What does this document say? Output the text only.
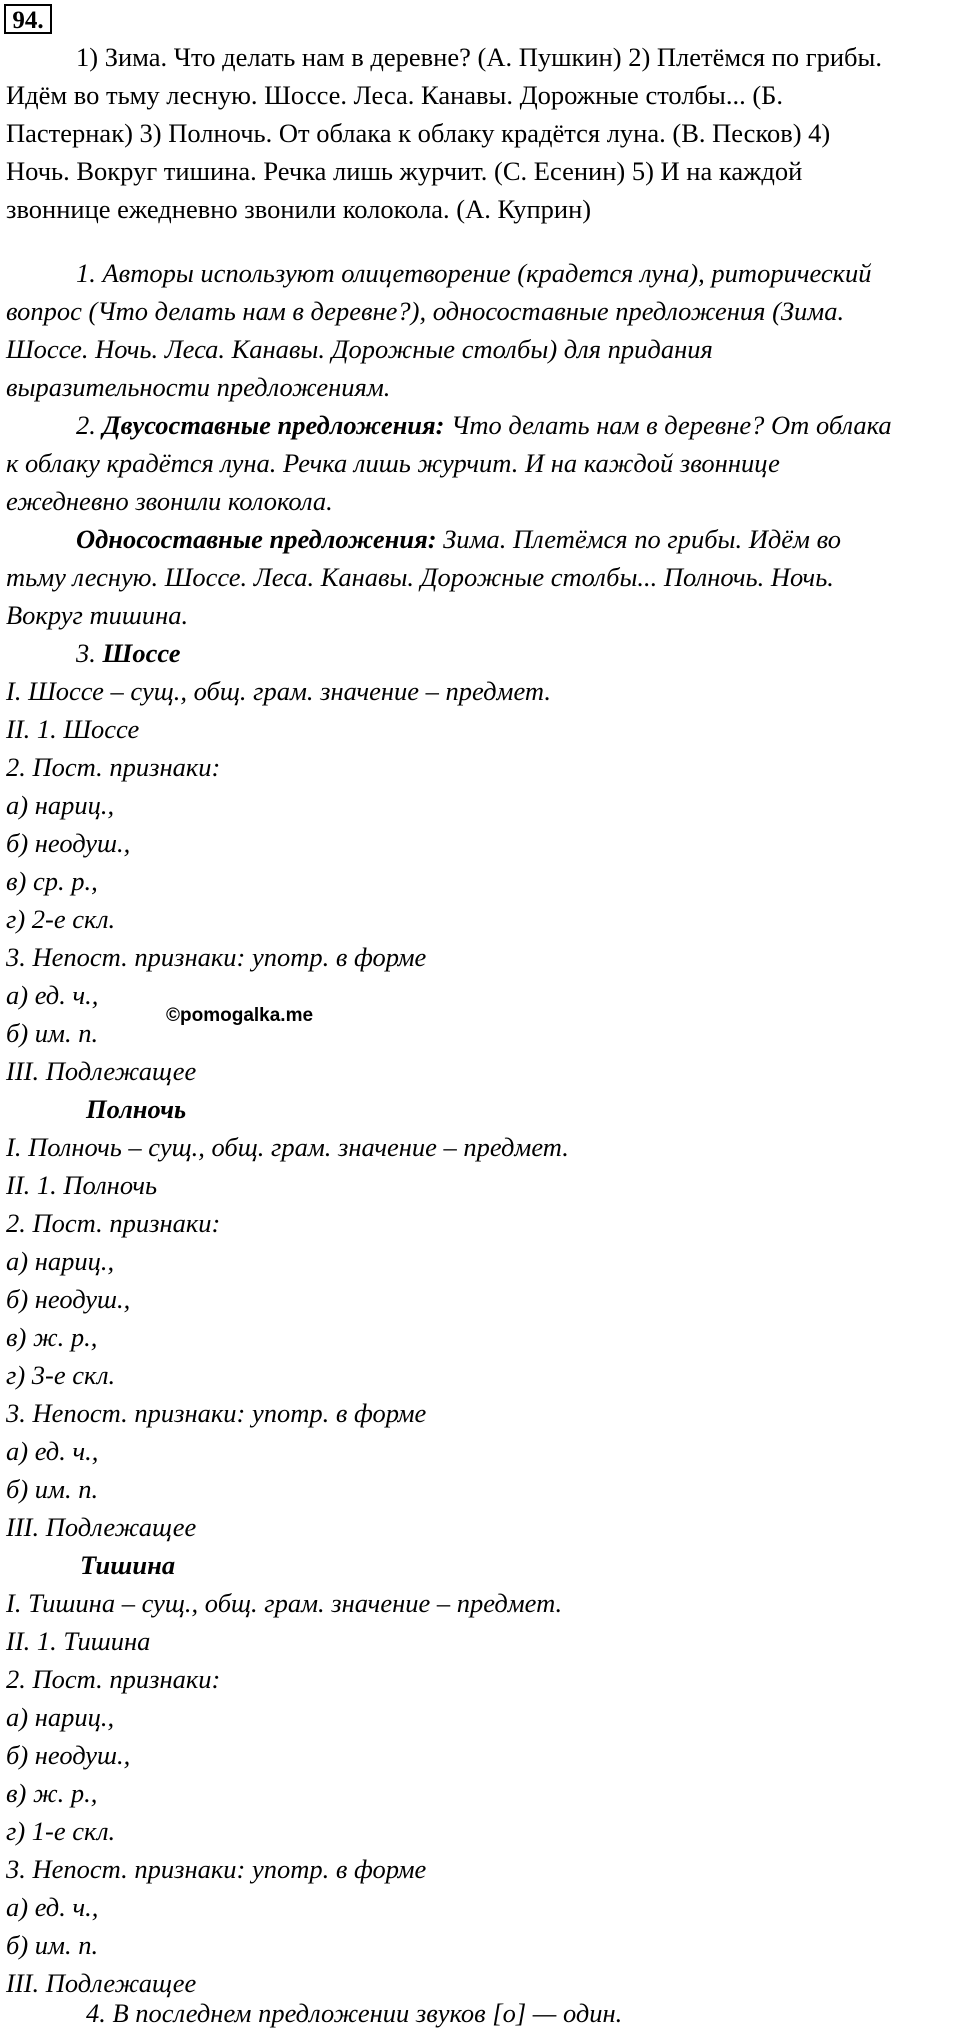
94.
1) Зима. Что делать нам в деревне? (А. Пушкин) 2) Плетёмся по грибы.
Идём во тьму лесную. Шоссе. Леса. Канавы. Дорожные столбы... (Б.
Пастернак) 3) Полночь. От облака к облаку крадётся луна. (В. Песков) 4)
Ночь. Вокруг тишина. Речка лишь журчит. (С. Есенин) 5) И на каждой
звоннице ежедневно звонили колокола. (А. Куприн)
1. Авторы используют олицетворение (крадется луна), риторический
вопрос (Что делать нам в деревне?), односоставные предложения (Зима.
Шоссе. Ночь. Леса. Канавы. Дорожные столбы) для придания
выразительности предложениям.
2. Двусоставные предложения: Что делать нам в деревне? От облака
к облаку крадётся луна. Речка лишь журчит. И на каждой звоннице
ежедневно звонили колокола.
Односоставные предложения: Зима. Плетёмся по грибы. Идём во
тьму лесную. Шоссе. Леса. Канавы. Дорожные столбы... Полночь. Ночь.
Вокруг тишина.
3. Шоссе
I. Шоссе – сущ., общ. грам. значение – предмет.
II. 1. Шоссе
2. Пост. признаки:
а) нариц.,
б) неодуш.,
в) ср. р.,
г) 2-е скл.
3. Непост. признаки: употр. в форме
а) ед. ч.,
б) им. п.
III. Подлежащее
Полночь
I. Полночь – сущ., общ. грам. значение – предмет.
II. 1. Полночь
2. Пост. признаки:
а) нариц.,
б) неодуш.,
в) ж. р.,
г) 3-е скл.
3. Непост. признаки: употр. в форме
а) ед. ч.,
б) им. п.
III. Подлежащее
Тишина
I. Тишина – сущ., общ. грам. значение – предмет.
II. 1. Тишина
2. Пост. признаки:
а) нариц.,
б) неодуш.,
в) ж. р.,
г) 1-е скл.
3. Непост. признаки: употр. в форме
а) ед. ч.,
б) им. п.
III. Подлежащее
4. В последнем предложении звуков [о] — один.
©pomogalka.me
